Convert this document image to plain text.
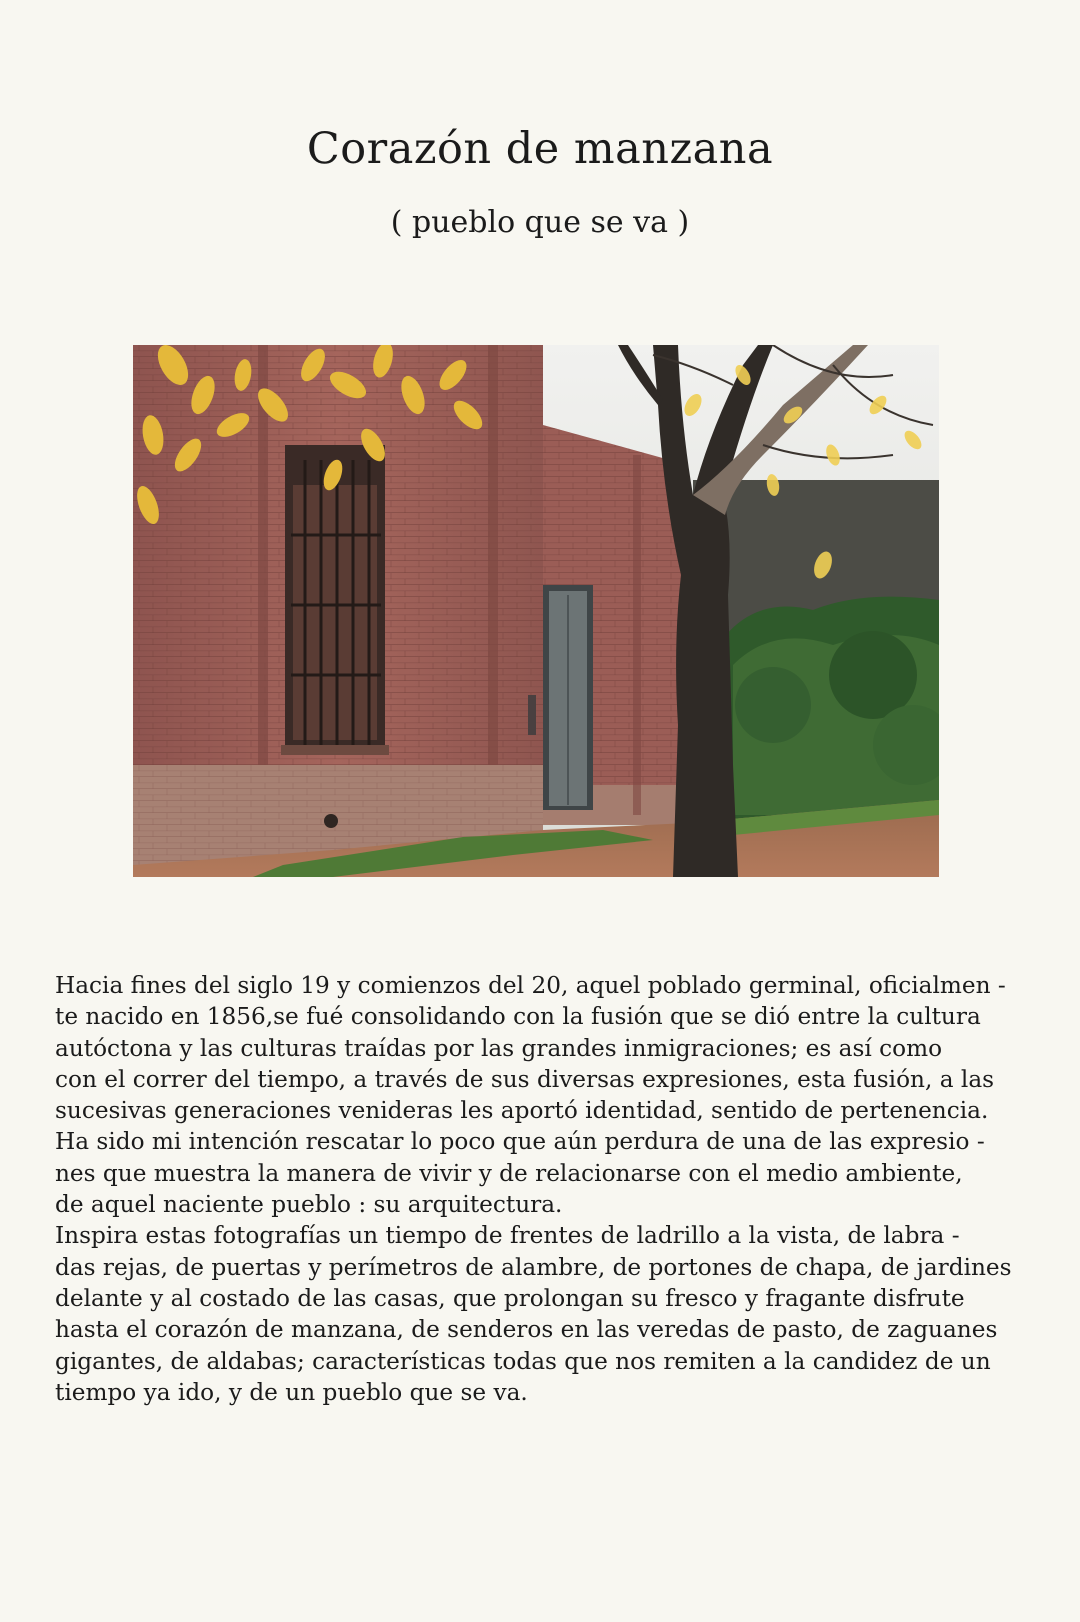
Corazón de manzana

( pueblo que se va )

Hacia fines del siglo 19 y comienzos del 20, aquel poblado germinal, oficialmen -
te nacido en 1856,se fué consolidando con la fusión que se dió entre la cultura
autóctona y las culturas traídas por las grandes inmigraciones; es así como
con el correr del tiempo, a través de sus diversas expresiones, esta fusión, a las
sucesivas generaciones venideras les aportó identidad, sentido de pertenencia.
Ha sido mi intención rescatar lo poco que aún perdura de una de las expresio -
nes que muestra la manera de vivir y de relacionarse con el medio ambiente,
de aquel naciente pueblo : su arquitectura.
Inspira estas fotografías un tiempo de frentes de ladrillo a la vista, de labra -
das rejas, de puertas y perímetros de alambre, de portones de chapa, de jardines
delante y al costado de las casas, que prolongan su fresco y fragante disfrute
hasta el corazón de manzana, de senderos en las veredas de pasto, de zaguanes
gigantes, de aldabas; características todas que nos remiten a la candidez de un
tiempo ya ido, y de un pueblo que se va.
